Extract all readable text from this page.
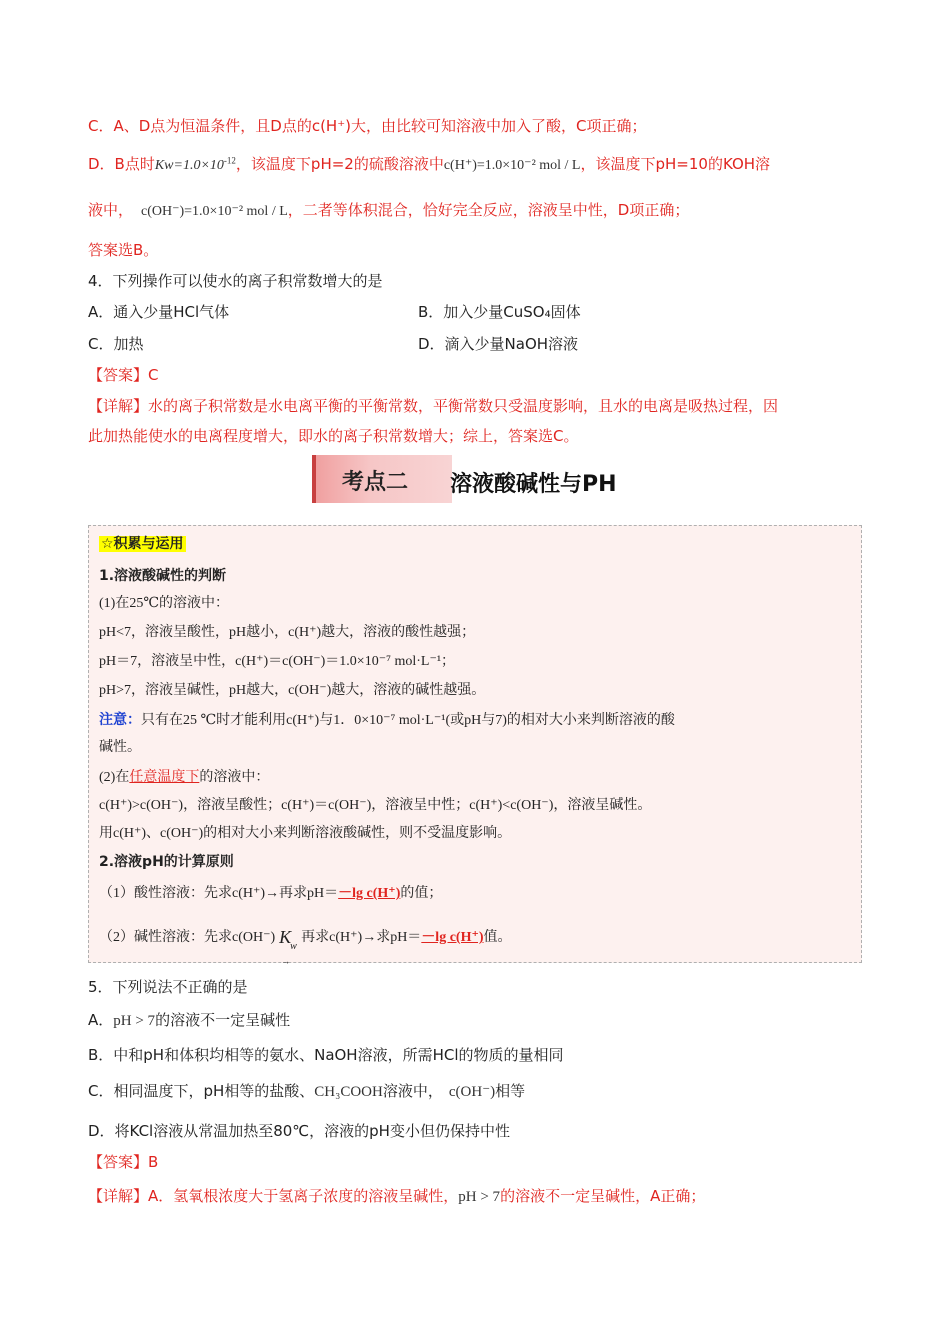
C．A、D点为恒温条件，且D点的c(H⁺)大，由比较可知溶液中加入了酸，C项正确；
D．B点时$Kw=1.0\times 10^{-12}$，该温度下pH=2的硫酸溶液中c(H⁺)=1.0×10⁻² mol / L，该温度下pH=10的KOH溶
液中， c(OH⁻)=1.0×10⁻² mol / L，二者等体积混合，恰好完全反应，溶液呈中性，D项正确；
答案选B。
4．下列操作可以使水的离子积常数增大的是
A．通入少量HCl气体	B．加入少量CuSO₄固体
C．加热	D．滴入少量NaOH溶液
【答案】C
【详解】水的离子积常数是水电离平衡的平衡常数，平衡常数只受温度影响，且水的电离是吸热过程，因
此加热能使水的电离程度增大，即水的离子积常数增大；综上，答案选C。
考点二 溶液酸碱性与PH
☆积累与运用
1.溶液酸碱性的判断
(1)在25℃的溶液中：
pH<7，溶液呈酸性，pH越小，c(H⁺)越大，溶液的酸性越强；
pH＝7，溶液呈中性，c(H⁺)＝c(OH⁻)＝1.0×10⁻⁷ mol·L⁻¹；
pH>7，溶液呈碱性，pH越大，c(OH⁻)越大，溶液的碱性越强。
注意：只有在25 ℃时才能利用c(H⁺)与1．0×10⁻⁷ mol·L⁻¹(或pH与7)的相对大小来判断溶液的酸
碱性。
(2)在任意温度下的溶液中：
c(H⁺)>c(OH⁻)，溶液呈酸性；c(H⁺)＝c(OH⁻)，溶液呈中性；c(H⁺)<c(OH⁻)，溶液呈碱性。
用c(H⁺)、c(OH⁻)的相对大小来判断溶液酸碱性，则不受温度影响。
2.溶液pH的计算原则
（1）酸性溶液：先求c(H⁺)→再求pH＝－lg c(H⁺)的值；
（2）碱性溶液：先求c(OH⁻) K
w
→
再求c(H⁺)→求pH＝－lg c(H⁺)值。
5．下列说法不正确的是
A．pH > 7的溶液不一定呈碱性
B．中和pH和体积均相等的氨水、NaOH溶液，所需HCl的物质的量相同
C．相同温度下，pH相等的盐酸、CH₃COOH溶液中， c(OH⁻)相等
D．将KCl溶液从常温加热至80℃，溶液的pH变小但仍保持中性
【答案】B
【详解】A．氢氧根浓度大于氢离子浓度的溶液呈碱性，pH > 7的溶液不一定呈碱性，A正确；
